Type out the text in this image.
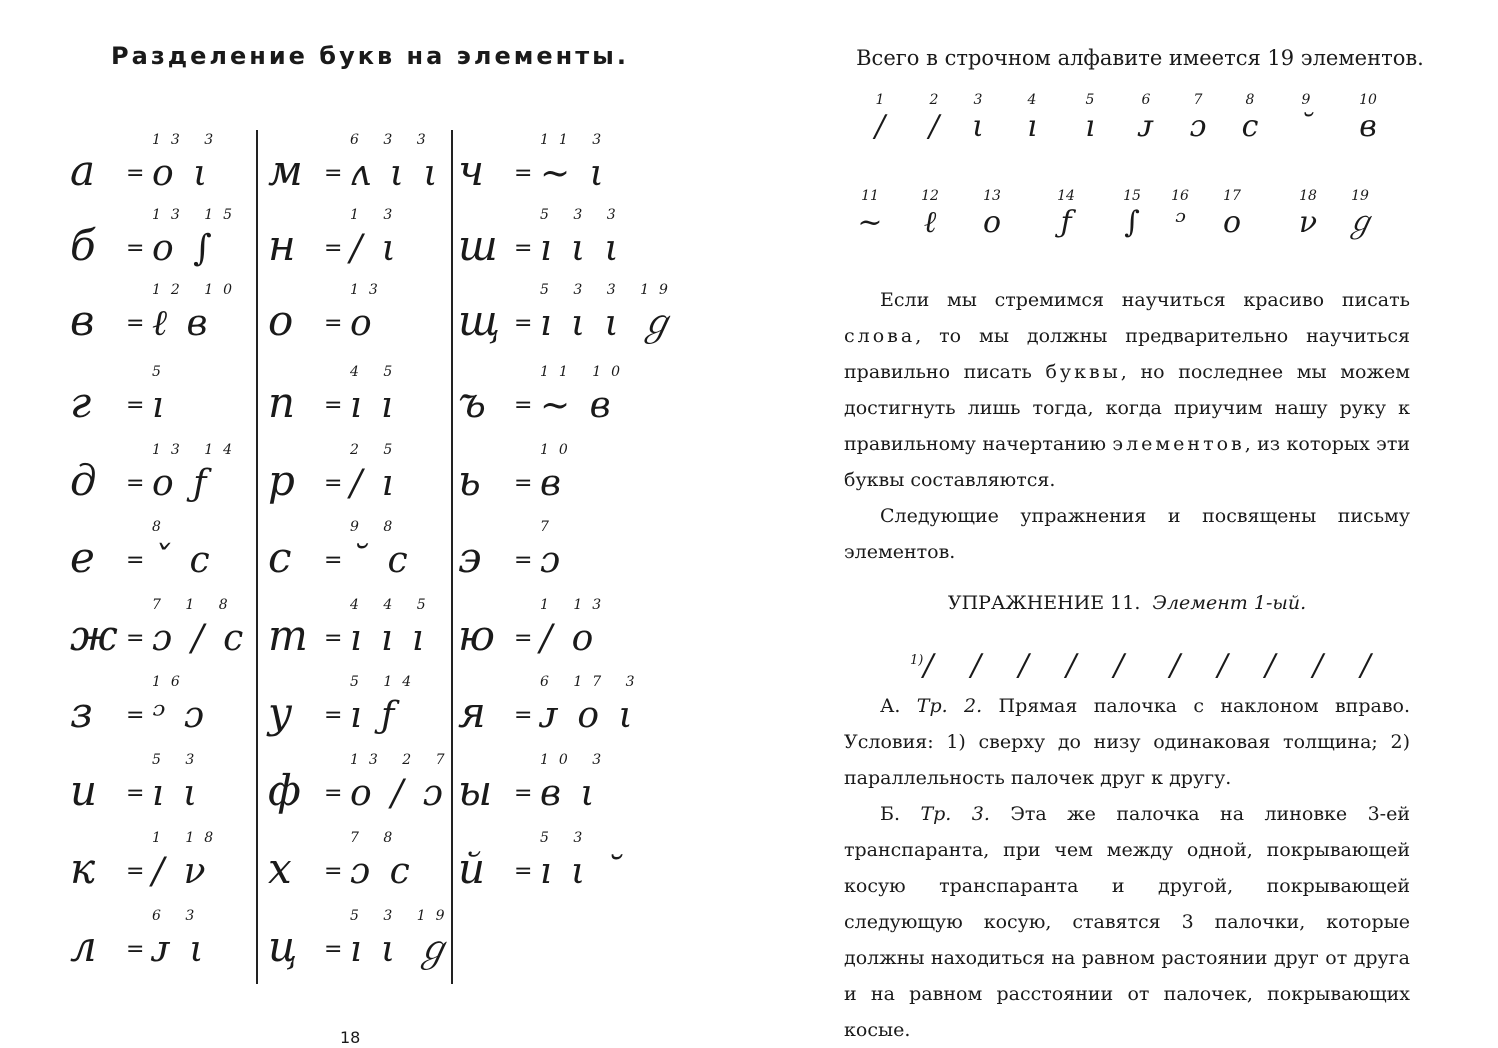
Разделение букв на элементы.
а =
13 3
о ι
б =
13 15
о ∫
в =
12 10
ℓ в
г =
5
ı
д =
13 14
о ƒ
е =
8
ˇ с
ж =
7 1 8
ɔ / с
з =
16
ᵓ ɔ
и =
5 3
ı ι
к =
1 18
/ ν
л =
6 3
ᴊ ι
м =
6 3 3
ʌ ι ι
н =
1 3
/ ι
о =
13
о
п =
4 5
ı ı
р =
2 5
/ ı
с =
9 8
˘ с
т =
4 4 5
ı ı ı
у =
5 14
ı ƒ
ф =
13 2 7
о / ɔ
х =
7 8
ɔ с
ц =
5 3 19
ı ι ℊ
ч =
11 3
~ ι
ш =
5 3 3
ı ι ι
щ =
5 3 3 19
ı ι ι ℊ
ъ =
11 10
~ в
ь =
10
в
э =
7
ɔ
ю =
1 13
/ о
я =
6 17 3
ᴊ о ι
ы =
10 3
в ι
й =
5 3
ı ι ˘
18
Всего в строчном алфавите имеется 19 элементов.
1
/
2
/
3
ι
4
ı
5
ı
6
ᴊ
7
ɔ
8
с
9
˘
10
в
11
~
12
ℓ
13
о
14
ƒ
15
∫
16
ᵓ
17
о
18
ν
19
ℊ
Если мы стремимся научиться красиво писать слова, то мы должны предварительно научиться правильно писать буквы, но последнее мы можем достигнуть лишь тогда, когда приучим нашу руку к правильному начертанию элементов, из которых эти буквы составляются.
Следующие упражнения и посвящены письму элементов.
УПРАЖНЕНИЕ 11. Элемент 1-ый.
$^{1)}$/ / / / / / / / / /
А. Тр. 2. Прямая палочка с наклоном вправо. Условия: 1) сверху до низу одинаковая толщина; 2) параллельность палочек друг к другу.
Б. Тр. 3. Эта же палочка на линовке 3-ей транспаранта, при чем между одной, покрывающей косую транспаранта и другой, покрывающей следующую косую, ставятся 3 палочки, которые должны находиться на равном растоянии друг от друга и на равном расстоянии от палочек, покрывающих косые.
